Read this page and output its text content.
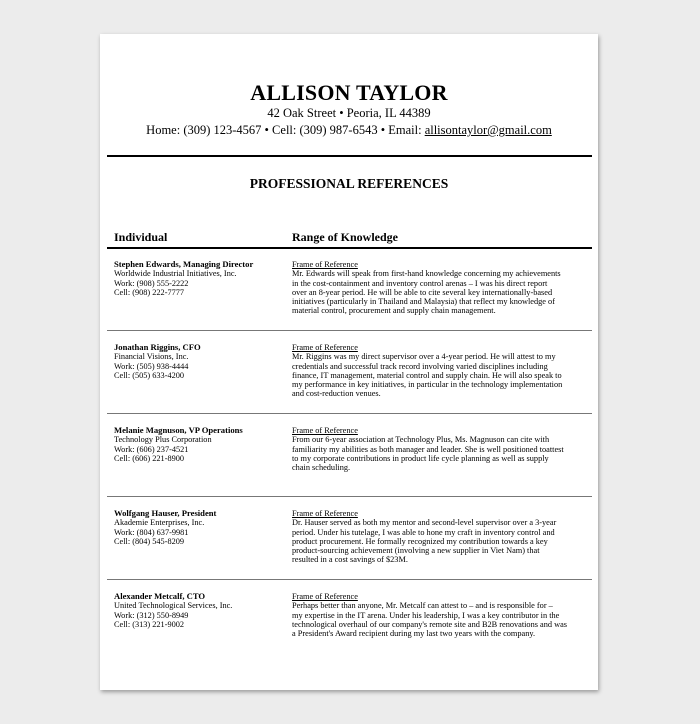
ALLISON TAYLOR
42 Oak Street • Peoria, IL 44389
Home: (309) 123-4567 • Cell: (309) 987-6543 • Email: allisontaylor@gmail.com
PROFESSIONAL REFERENCES
Individual	Range of Knowledge
Stephen Edwards, Managing Director
Worldwide Industrial Initiatives, Inc.
Work: (908) 555-2222
Cell: (908) 222-7777
Frame of Reference
Mr. Edwards will speak from first-hand knowledge concerning my achievements
in the cost-containment and inventory control arenas – I was his direct report
over an 8-year period. He will be able to cite several key internationally-based
initiatives (particularly in Thailand and Malaysia) that reflect my knowledge of
material control, procurement and supply chain management.
Jonathan Riggins, CFO
Financial Visions, Inc.
Work: (505) 938-4444
Cell: (505) 633-4200
Frame of Reference
Mr. Riggins was my direct supervisor over a 4-year period. He will attest to my
credentials and successful track record involving varied disciplines including
finance, IT management, material control and supply chain. He will also speak to
my performance in key initiatives, in particular in the technology implementation
and cost-reduction venues.
Melanie Magnuson, VP Operations
Technology Plus Corporation
Work: (606) 237-4521
Cell: (606) 221-8900
Frame of Reference
From our 6-year association at Technology Plus, Ms. Magnuson can cite with
familiarity my abilities as both manager and leader. She is well positioned toattest
to my corporate contributions in product life cycle planning as well as supply
chain scheduling.
Wolfgang Hauser, President
Akademie Enterprises, Inc.
Work: (804) 637-9981
Cell: (804) 545-8209
Frame of Reference
Dr. Hauser served as both my mentor and second-level supervisor over a 3-year
period. Under his tutelage, I was able to hone my craft in inventory control and
product procurement. He formally recognized my contribution towards a key
product-sourcing achievement (involving a new supplier in Viet Nam) that
resulted in a cost savings of $23M.
Alexander Metcalf, CTO
United Technological Services, Inc.
Work: (312) 550-8949
Cell: (313) 221-9002
Frame of Reference
Perhaps better than anyone, Mr. Metcalf can attest to – and is responsible for –
my expertise in the IT arena. Under his leadership, I was a key contributor in the
technological overhaul of our company's remote site and B2B renovations and was
a President's Award recipient during my last two years with the company.
